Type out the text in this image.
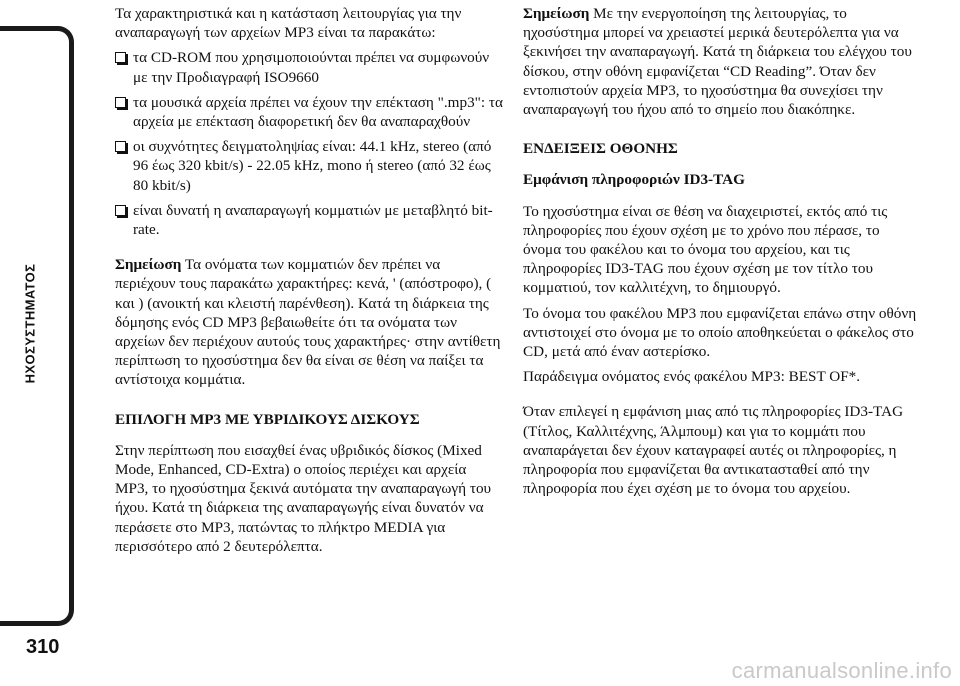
ΗΧΟΣΥΣΤΗΜΑΤΟΣ
310

Τα χαρακτηριστικά και η κατάσταση λειτουργίας για την αναπαραγωγή των αρχείων MP3 είναι τα παρακάτω:

τα CD-ROM που χρησιμοποιούνται πρέπει να συμφωνούν με την Προδιαγραφή ISO9660
τα μουσικά αρχεία πρέπει να έχουν την επέκταση ".mp3": τα αρχεία με επέκταση διαφορετική δεν θα αναπαραχθούν
οι συχνότητες δειγματοληψίας είναι: 44.1 kHz, stereo (από 96 έως 320 kbit/s) - 22.05 kHz, mono ή stereo (από 32 έως 80 kbit/s)
είναι δυνατή η αναπαραγωγή κομματιών με μεταβλητό bit-rate.

Σημείωση Τα ονόματα των κομματιών δεν πρέπει να περιέχουν τους παρακάτω χαρακτήρες: κενά, ' (απόστροφο), ( και ) (ανοικτή και κλειστή παρένθεση). Κατά τη διάρκεια της δόμησης ενός CD MP3 βεβαιωθείτε ότι τα ονόματα των αρχείων δεν περιέχουν αυτούς τους χαρακτήρες· στην αντίθετη περίπτωση το ηχοσύστημα δεν θα είναι σε θέση να παίξει τα αντίστοιχα κομμάτια.

ΕΠΙΛΟΓΗ MP3 ΜΕ ΥΒΡΙΔΙΚΟΥΣ ΔΙΣΚΟΥΣ

Στην περίπτωση που εισαχθεί ένας υβριδικός δίσκος (Mixed Mode, Enhanced, CD-Extra) ο οποίος περιέχει και αρχεία MP3, το ηχοσύστημα ξεκινά αυτόματα την αναπαραγωγή του ήχου. Κατά τη διάρκεια της αναπαραγωγής είναι δυνατόν να περάσετε στο MP3, πατώντας το πλήκτρο MEDIA για περισσότερο από 2 δευτερόλεπτα.

Σημείωση Με την ενεργοποίηση της λειτουργίας, το ηχοσύστημα μπορεί να χρειαστεί μερικά δευτερόλεπτα για να ξεκινήσει την αναπαραγωγή. Κατά τη διάρκεια του ελέγχου του δίσκου, στην οθόνη εμφανίζεται “CD Reading”. Όταν δεν εντοπιστούν αρχεία MP3, το ηχοσύστημα θα συνεχίσει την αναπαραγωγή του ήχου από το σημείο που διακόπηκε.

ΕΝΔΕΙΞΕΙΣ ΟΘΟΝΗΣ
Εμφάνιση πληροφοριών ID3-TAG

Το ηχοσύστημα είναι σε θέση να διαχειριστεί, εκτός από τις πληροφορίες που έχουν σχέση με το χρόνο που πέρασε, το όνομα του φακέλου και το όνομα του αρχείου, και τις πληροφορίες ID3-TAG που έχουν σχέση με τον τίτλο του κομματιού, τον καλλιτέχνη, το δημιουργό.

Το όνομα του φακέλου MP3 που εμφανίζεται επάνω στην οθόνη αντιστοιχεί στο όνομα με το οποίο αποθηκεύεται ο φάκελος στο CD, μετά από έναν αστερίσκο.

Παράδειγμα ονόματος ενός φακέλου MP3: BEST OF*.

Όταν επιλεγεί η εμφάνιση μιας από τις πληροφορίες ID3-TAG (Τίτλος, Καλλιτέχνης, Άλμπουμ) και για το κομμάτι που αναπαράγεται δεν έχουν καταγραφεί αυτές οι πληροφορίες, η πληροφορία που εμφανίζεται θα αντικατασταθεί από την πληροφορία που έχει σχέση με το όνομα του αρχείου.

carmanualsonline.info
